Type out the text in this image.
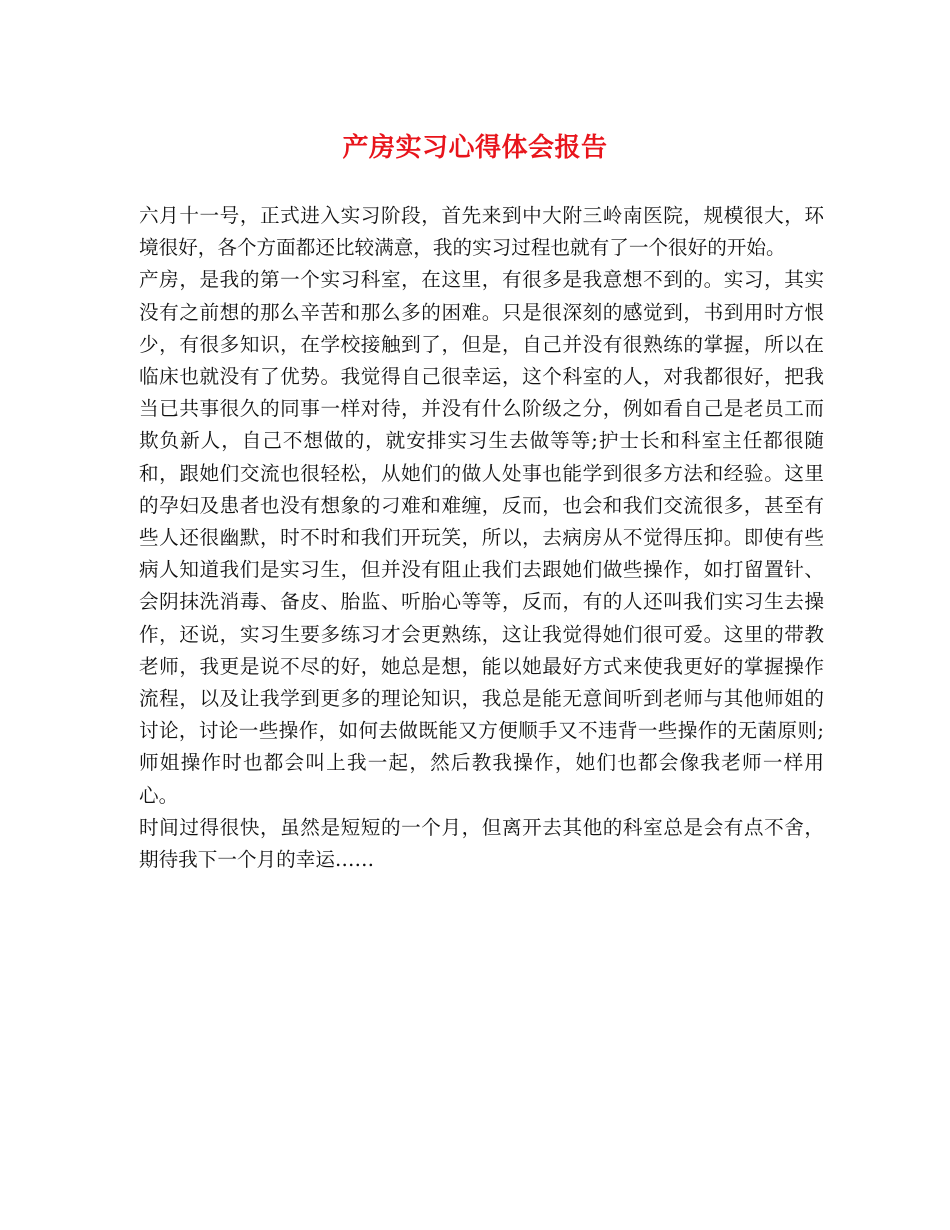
产房实习心得体会报告

六月十一号，正式进入实习阶段，首先来到中大附三岭南医院，规模很大，环境很好，各个方面都还比较满意，我的实习过程也就有了一个很好的开始。

产房，是我的第一个实习科室，在这里，有很多是我意想不到的。实习，其实没有之前想的那么辛苦和那么多的困难。只是很深刻的感觉到，书到用时方恨少，有很多知识，在学校接触到了，但是，自己并没有很熟练的掌握，所以在临床也就没有了优势。我觉得自己很幸运，这个科室的人，对我都很好，把我当已共事很久的同事一样对待，并没有什么阶级之分，例如看自己是老员工而欺负新人，自己不想做的，就安排实习生去做等等;护士长和科室主任都很随和，跟她们交流也很轻松，从她们的做人处事也能学到很多方法和经验。这里的孕妇及患者也没有想象的刁难和难缠，反而，也会和我们交流很多，甚至有些人还很幽默，时不时和我们开玩笑，所以，去病房从不觉得压抑。即使有些病人知道我们是实习生，但并没有阻止我们去跟她们做些操作，如打留置针、会阴抹洗消毒、备皮、胎监、听胎心等等，反而，有的人还叫我们实习生去操作，还说，实习生要多练习才会更熟练，这让我觉得她们很可爱。这里的带教老师，我更是说不尽的好，她总是想，能以她最好方式来使我更好的掌握操作流程，以及让我学到更多的理论知识，我总是能无意间听到老师与其他师姐的讨论，讨论一些操作，如何去做既能又方便顺手又不违背一些操作的无菌原则;师姐操作时也都会叫上我一起，然后教我操作，她们也都会像我老师一样用心。

时间过得很快，虽然是短短的一个月，但离开去其他的科室总是会有点不舍，期待我下一个月的幸运……
